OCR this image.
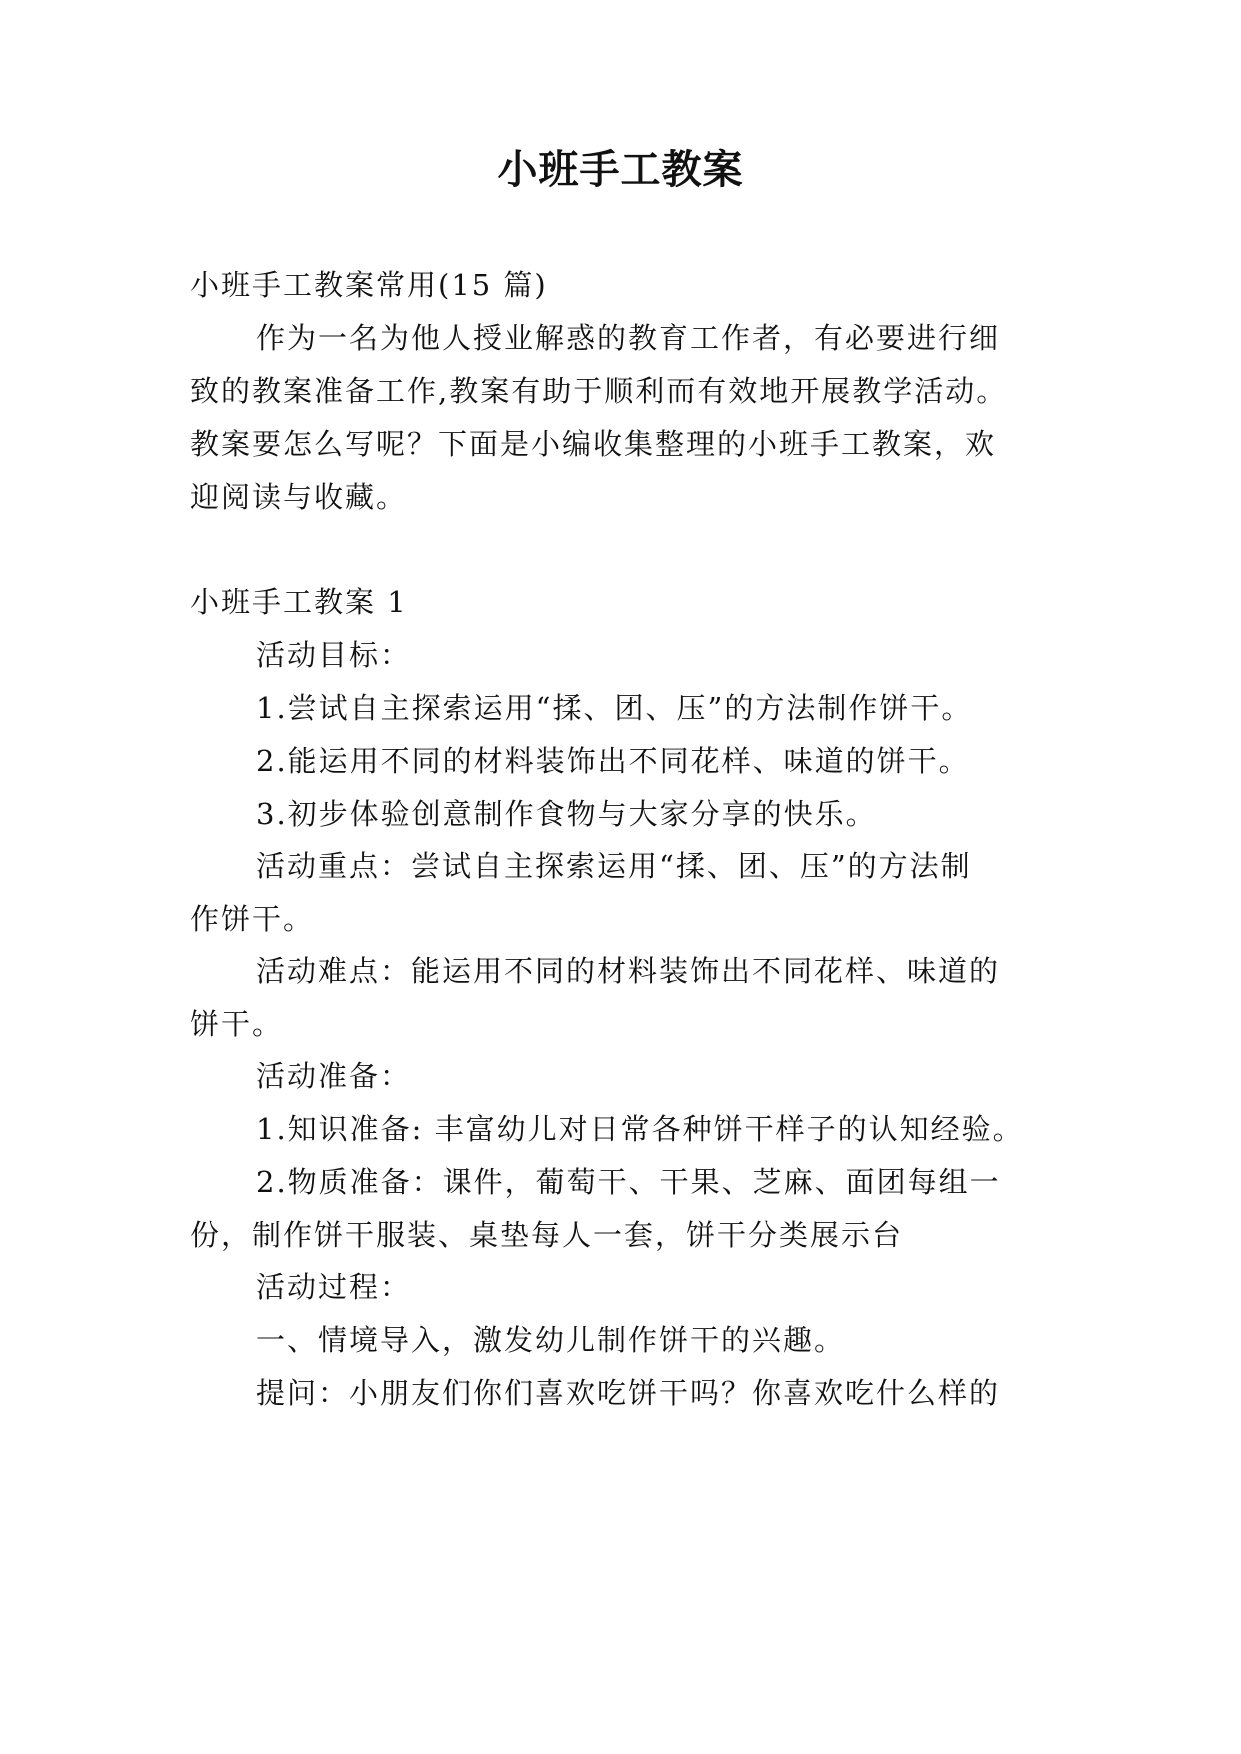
小班手工教案
小班手工教案常用(15 篇)
作为一名为他人授业解惑的教育工作者，有必要进行细
致的教案准备工作,教案有助于顺利而有效地开展教学活动。
教案要怎么写呢？下面是小编收集整理的小班手工教案，欢
迎阅读与收藏。
小班手工教案 1
活动目标：
1.尝试自主探索运用“揉、团、压”的方法制作饼干。
2.能运用不同的材料装饰出不同花样、味道的饼干。
3.初步体验创意制作食物与大家分享的快乐。
活动重点：尝试自主探索运用“揉、团、压”的方法制
作饼干。
活动难点：能运用不同的材料装饰出不同花样、味道的
饼干。
活动准备：
1.知识准备: 丰富幼儿对日常各种饼干样子的认知经验。
2.物质准备：课件，葡萄干、干果、芝麻、面团每组一
份，制作饼干服装、桌垫每人一套，饼干分类展示台
活动过程：
一、情境导入，激发幼儿制作饼干的兴趣。
提问：小朋友们你们喜欢吃饼干吗？你喜欢吃什么样的
